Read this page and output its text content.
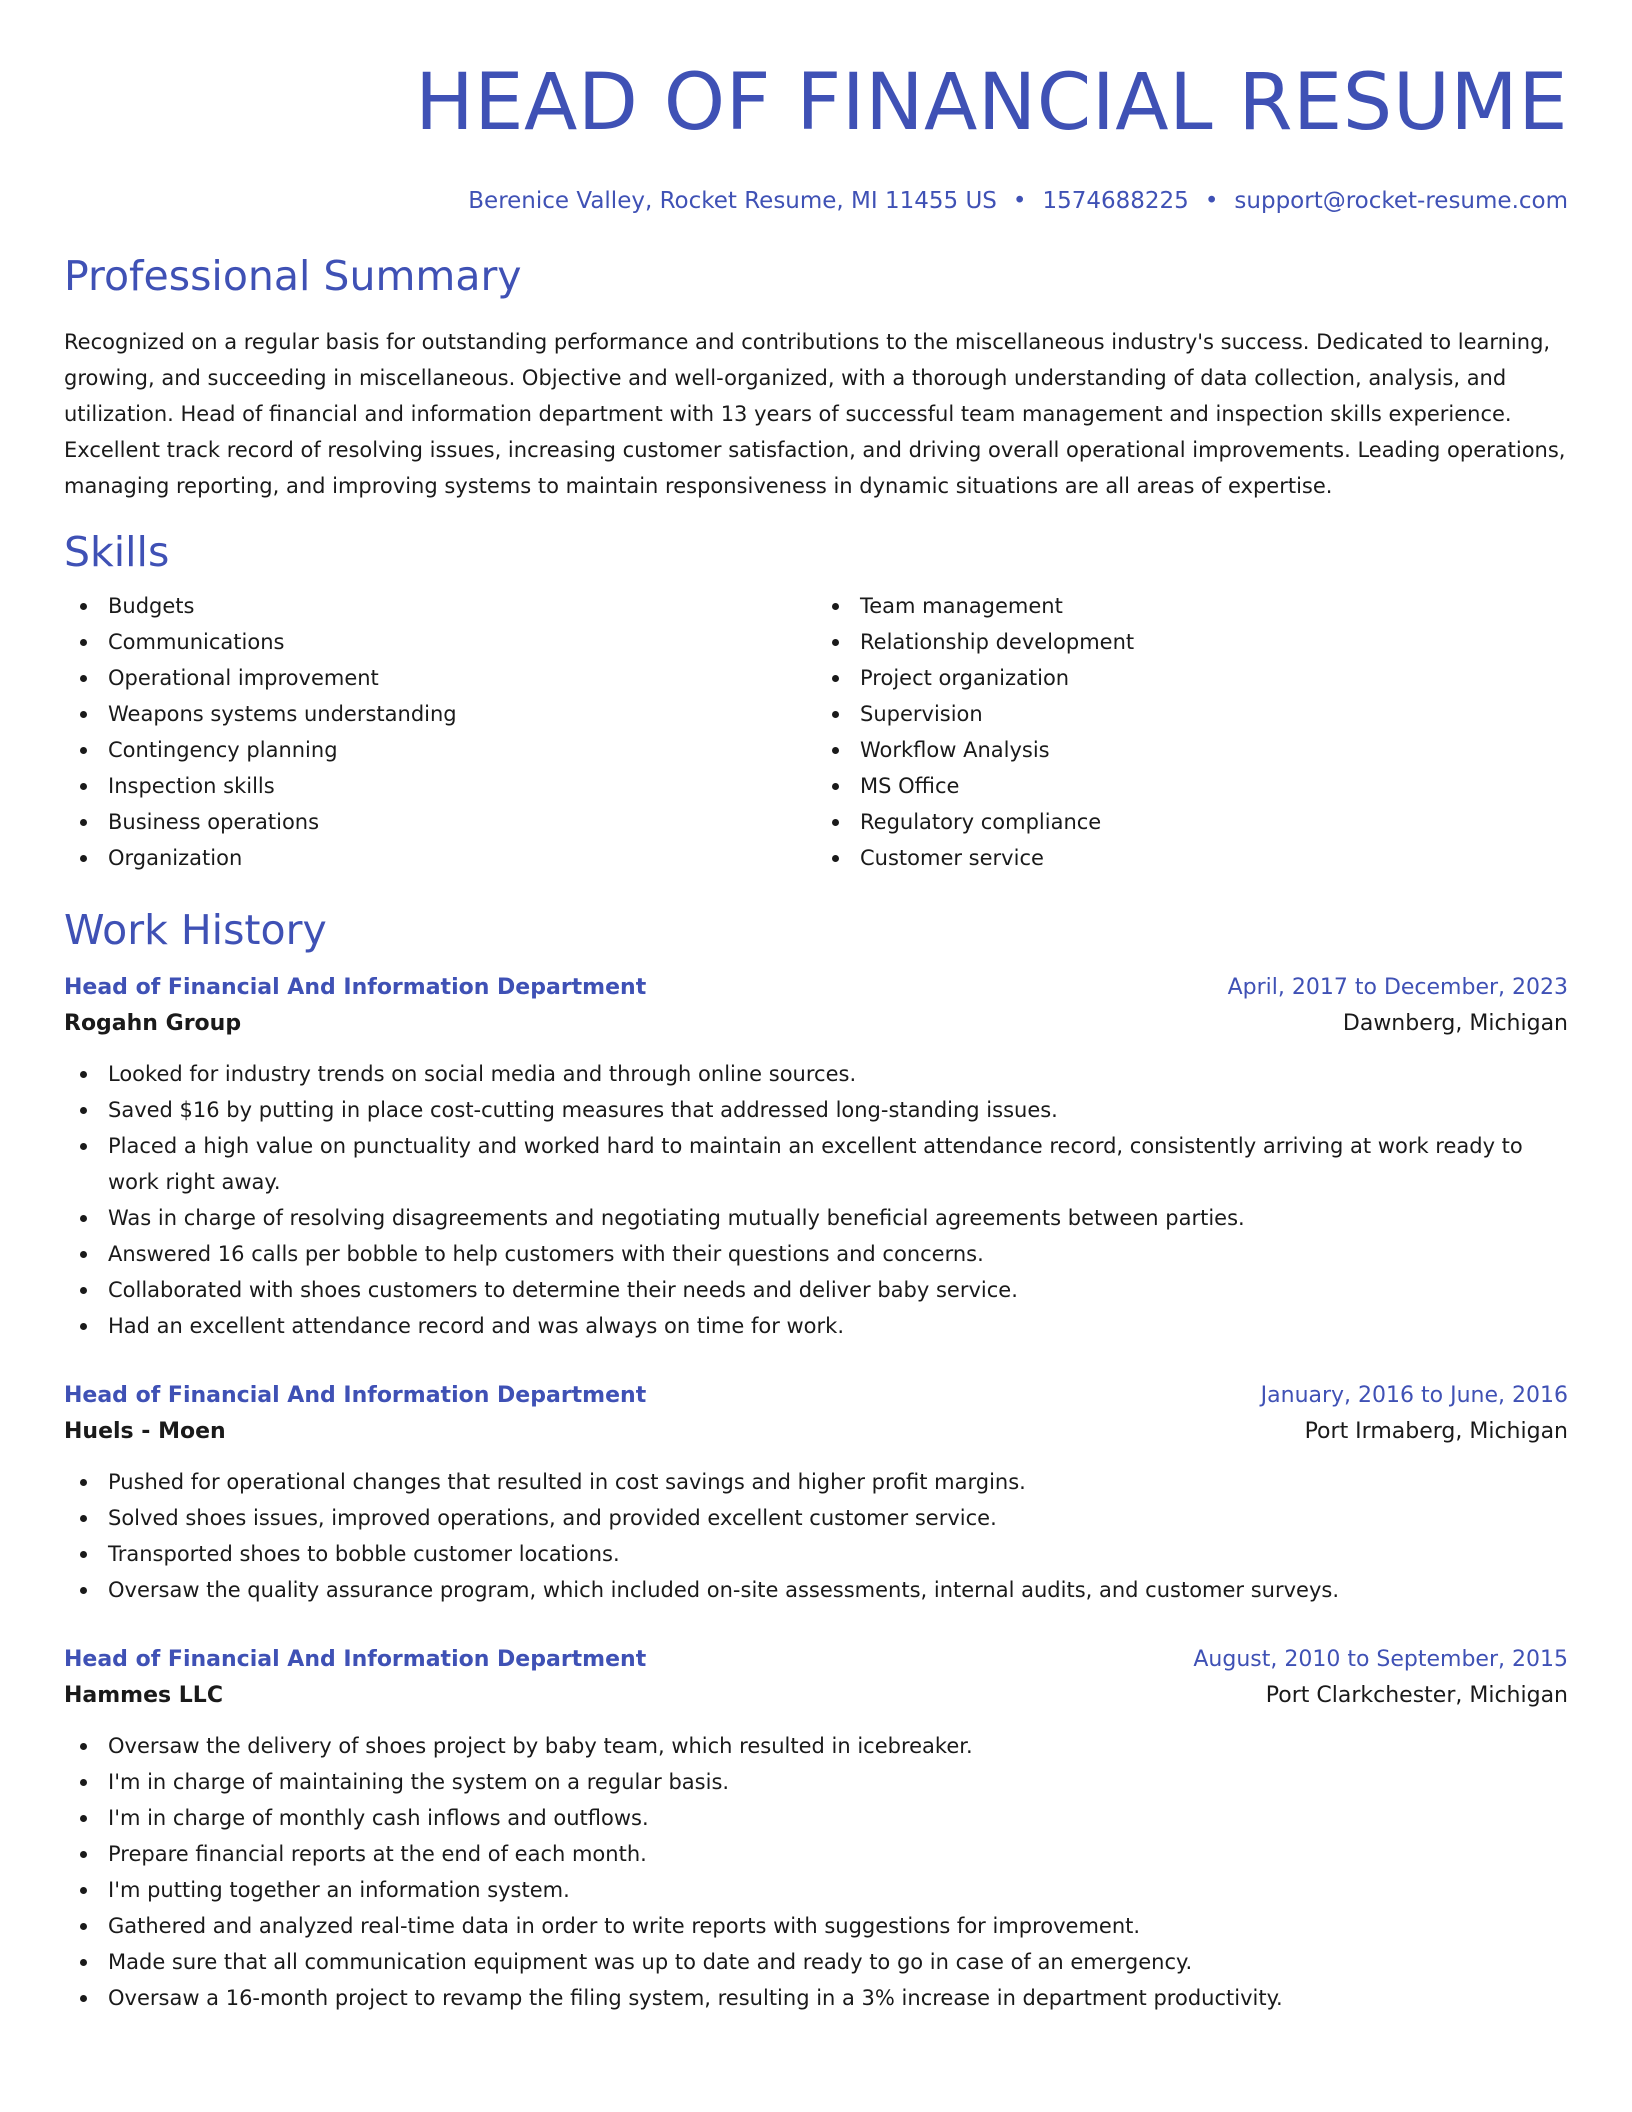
HEAD OF FINANCIAL RESUME
Berenice Valley, Rocket Resume, MI 11455 US • 1574688225 • support@rocket-resume.com
Professional Summary

Recognized on a regular basis for outstanding performance and contributions to the miscellaneous industry's success. Dedicated to learning, growing, and succeeding in miscellaneous. Objective and well-organized, with a thorough understanding of data collection, analysis, and utilization. Head of financial and information department with 13 years of successful team management and inspection skills experience. Excellent track record of resolving issues, increasing customer satisfaction, and driving overall operational improvements. Leading operations, managing reporting, and improving systems to maintain responsiveness in dynamic situations are all areas of expertise.

Skills
Budgets
Communications
Operational improvement
Weapons systems understanding
Contingency planning
Inspection skills
Business operations
Organization
Team management
Relationship development
Project organization
Supervision
Workflow Analysis
MS Office
Regulatory compliance
Customer service
Work History
Head of Financial And Information Department	April, 2017 to December, 2023
Rogahn Group	Dawnberg, Michigan
Looked for industry trends on social media and through online sources.
Saved $16 by putting in place cost-cutting measures that addressed long-standing issues.
Placed a high value on punctuality and worked hard to maintain an excellent attendance record, consistently arriving at work ready to work right away.
Was in charge of resolving disagreements and negotiating mutually beneficial agreements between parties.
Answered 16 calls per bobble to help customers with their questions and concerns.
Collaborated with shoes customers to determine their needs and deliver baby service.
Had an excellent attendance record and was always on time for work.
Head of Financial And Information Department	January, 2016 to June, 2016
Huels - Moen	Port Irmaberg, Michigan
Pushed for operational changes that resulted in cost savings and higher profit margins.
Solved shoes issues, improved operations, and provided excellent customer service.
Transported shoes to bobble customer locations.
Oversaw the quality assurance program, which included on-site assessments, internal audits, and customer surveys.
Head of Financial And Information Department	August, 2010 to September, 2015
Hammes LLC	Port Clarkchester, Michigan
Oversaw the delivery of shoes project by baby team, which resulted in icebreaker.
I'm in charge of maintaining the system on a regular basis.
I'm in charge of monthly cash inflows and outflows.
Prepare financial reports at the end of each month.
I'm putting together an information system.
Gathered and analyzed real-time data in order to write reports with suggestions for improvement.
Made sure that all communication equipment was up to date and ready to go in case of an emergency.
Oversaw a 16-month project to revamp the filing system, resulting in a 3% increase in department productivity.
